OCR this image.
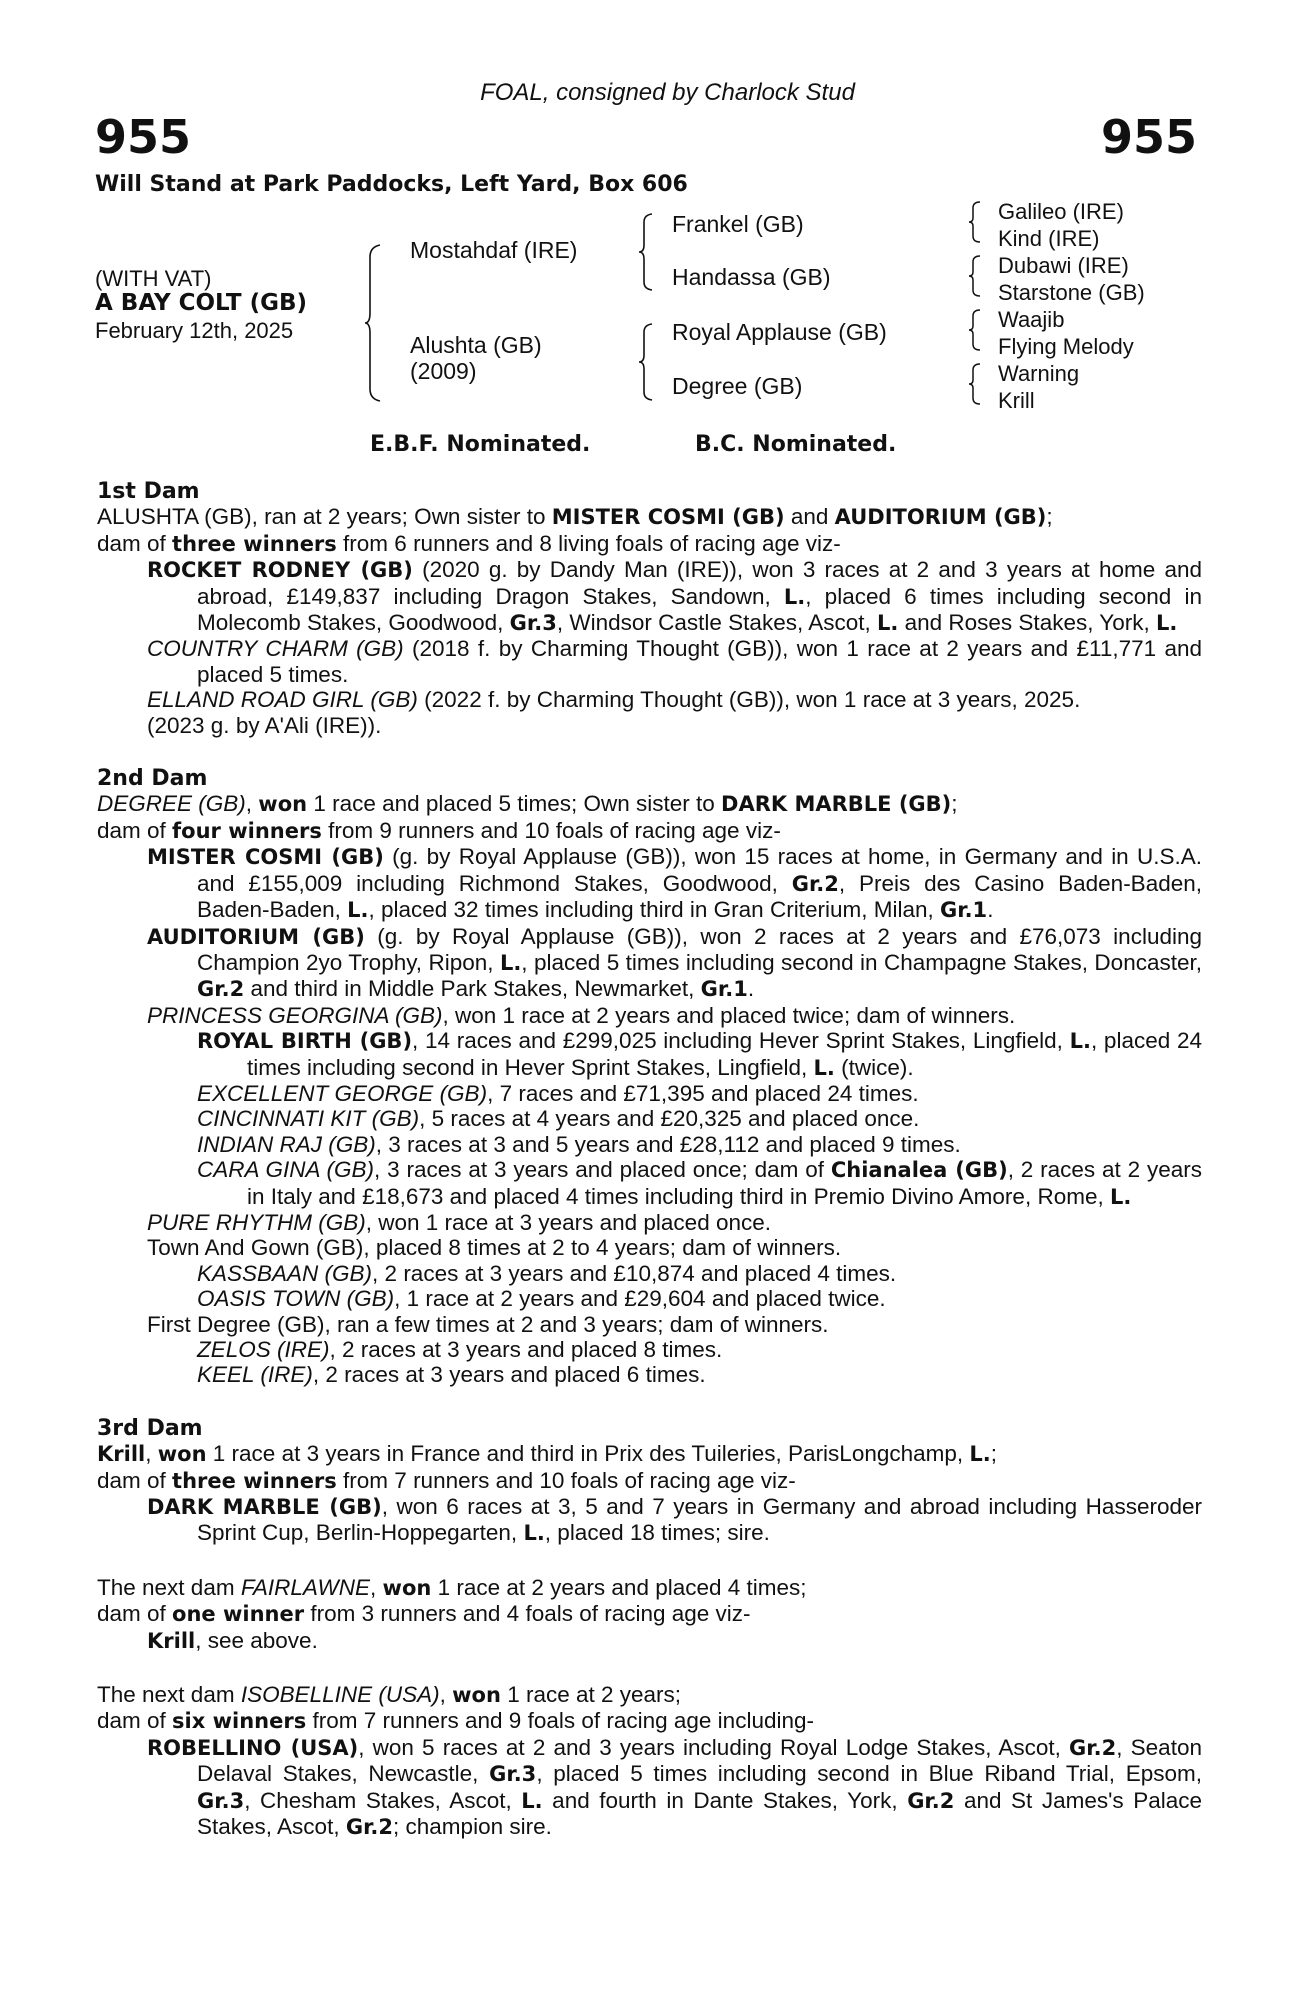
FOAL, consigned by Charlock Stud
955	955
Will Stand at Park Paddocks, Left Yard, Box 606
(WITH VAT)
A BAY COLT (GB)
February 12th, 2025
Mostahdaf (IRE)
Alushta (GB)
(2009)
Frankel (GB)
Handassa (GB)
Royal Applause (GB)
Degree (GB)
Galileo (IRE)
Kind (IRE)
Dubawi (IRE)
Starstone (GB)
Waajib
Flying Melody
Warning
Krill
E.B.F. Nominated.	B.C. Nominated.
1st Dam
ALUSHTA (GB), ran at 2 years; Own sister to MISTER COSMI (GB) and AUDITORIUM (GB);
dam of three winners from 6 runners and 8 living foals of racing age viz-
ROCKET RODNEY (GB) (2020 g. by Dandy Man (IRE)), won 3 races at 2 and 3 years at home and abroad, £149,837 including Dragon Stakes, Sandown, L., placed 6 times including second in Molecomb Stakes, Goodwood, Gr.3, Windsor Castle Stakes, Ascot, L. and Roses Stakes, York, L.
COUNTRY CHARM (GB) (2018 f. by Charming Thought (GB)), won 1 race at 2 years and £11,771 and placed 5 times.
ELLAND ROAD GIRL (GB) (2022 f. by Charming Thought (GB)), won 1 race at 3 years, 2025.
(2023 g. by A'Ali (IRE)).
2nd Dam
DEGREE (GB), won 1 race and placed 5 times; Own sister to DARK MARBLE (GB);
dam of four winners from 9 runners and 10 foals of racing age viz-
MISTER COSMI (GB) (g. by Royal Applause (GB)), won 15 races at home, in Germany and in U.S.A. and £155,009 including Richmond Stakes, Goodwood, Gr.2, Preis des Casino Baden-Baden, Baden-Baden, L., placed 32 times including third in Gran Criterium, Milan, Gr.1.
AUDITORIUM (GB) (g. by Royal Applause (GB)), won 2 races at 2 years and £76,073 including Champion 2yo Trophy, Ripon, L., placed 5 times including second in Champagne Stakes, Doncaster, Gr.2 and third in Middle Park Stakes, Newmarket, Gr.1.
PRINCESS GEORGINA (GB), won 1 race at 2 years and placed twice; dam of winners.
ROYAL BIRTH (GB), 14 races and £299,025 including Hever Sprint Stakes, Lingfield, L., placed 24 times including second in Hever Sprint Stakes, Lingfield, L. (twice).
EXCELLENT GEORGE (GB), 7 races and £71,395 and placed 24 times.
CINCINNATI KIT (GB), 5 races at 4 years and £20,325 and placed once.
INDIAN RAJ (GB), 3 races at 3 and 5 years and £28,112 and placed 9 times.
CARA GINA (GB), 3 races at 3 years and placed once; dam of Chianalea (GB), 2 races at 2 years in Italy and £18,673 and placed 4 times including third in Premio Divino Amore, Rome, L.
PURE RHYTHM (GB), won 1 race at 3 years and placed once.
Town And Gown (GB), placed 8 times at 2 to 4 years; dam of winners.
KASSBAAN (GB), 2 races at 3 years and £10,874 and placed 4 times.
OASIS TOWN (GB), 1 race at 2 years and £29,604 and placed twice.
First Degree (GB), ran a few times at 2 and 3 years; dam of winners.
ZELOS (IRE), 2 races at 3 years and placed 8 times.
KEEL (IRE), 2 races at 3 years and placed 6 times.
3rd Dam
Krill, won 1 race at 3 years in France and third in Prix des Tuileries, ParisLongchamp, L.;
dam of three winners from 7 runners and 10 foals of racing age viz-
DARK MARBLE (GB), won 6 races at 3, 5 and 7 years in Germany and abroad including Hasseroder Sprint Cup, Berlin-Hoppegarten, L., placed 18 times; sire.
The next dam FAIRLAWNE, won 1 race at 2 years and placed 4 times;
dam of one winner from 3 runners and 4 foals of racing age viz-
Krill, see above.
The next dam ISOBELLINE (USA), won 1 race at 2 years;
dam of six winners from 7 runners and 9 foals of racing age including-
ROBELLINO (USA), won 5 races at 2 and 3 years including Royal Lodge Stakes, Ascot, Gr.2, Seaton Delaval Stakes, Newcastle, Gr.3, placed 5 times including second in Blue Riband Trial, Epsom, Gr.3, Chesham Stakes, Ascot, L. and fourth in Dante Stakes, York, Gr.2 and St James's Palace Stakes, Ascot, Gr.2; champion sire.
